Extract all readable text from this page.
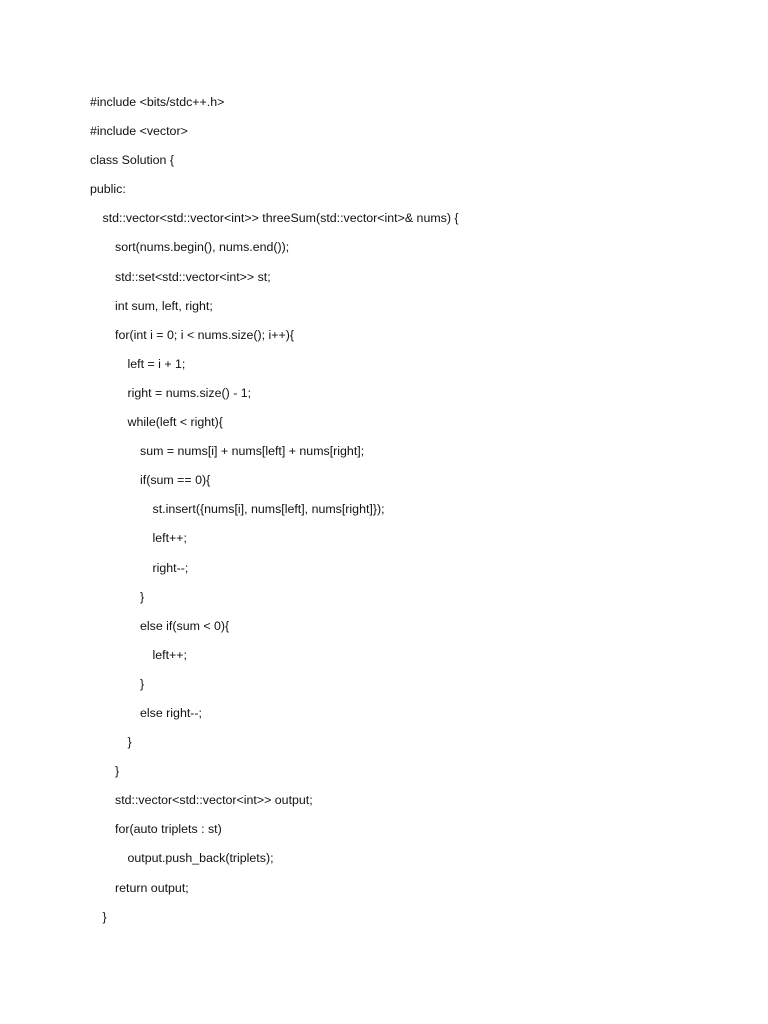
#include <bits/stdc++.h>
#include <vector>
class Solution {
public:
std::vector<std::vector<int>> threeSum(std::vector<int>& nums) {
sort(nums.begin(), nums.end());
std::set<std::vector<int>> st;
int sum, left, right;
for(int i = 0; i < nums.size(); i++){
left = i + 1;
right = nums.size() - 1;
while(left < right){
sum = nums[i] + nums[left] + nums[right];
if(sum == 0){
st.insert({nums[i], nums[left], nums[right]});
left++;
right--;
}
else if(sum < 0){
left++;
}
else right--;
}
}
std::vector<std::vector<int>> output;
for(auto triplets : st)
output.push_back(triplets);
return output;
}
